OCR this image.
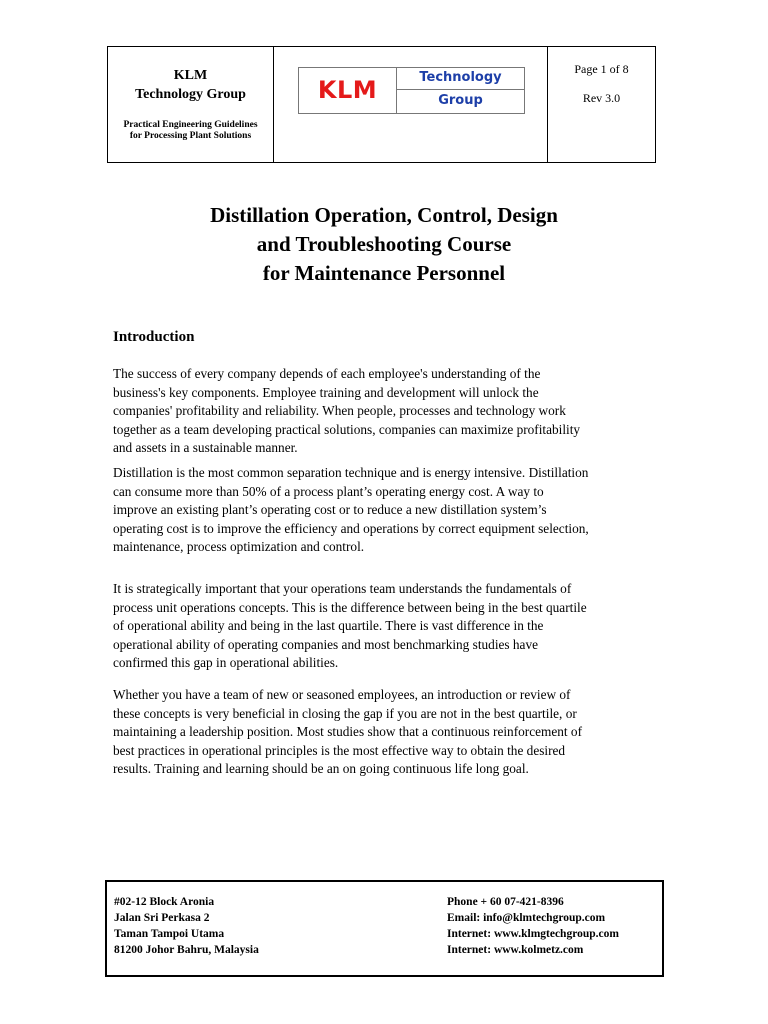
KLM
Technology Group
Practical Engineering Guidelines
for Processing Plant Solutions
KLM	Technology
Group
Page 1 of 8
Rev 3.0
Distillation Operation, Control, Design
and Troubleshooting Course
for Maintenance Personnel
Introduction
The success of every company depends of each employee's understanding of the
business's key components. Employee training and development will unlock the
companies' profitability and reliability. When people, processes and technology work
together as a team developing practical solutions, companies can maximize profitability
and assets in a sustainable manner.
Distillation is the most common separation technique and is energy intensive. Distillation
can consume more than 50% of a process plant’s operating energy cost. A way to
improve an existing plant’s operating cost or to reduce a new distillation system’s
operating cost is to improve the efficiency and operations by correct equipment selection,
maintenance, process optimization and control.
It is strategically important that your operations team understands the fundamentals of
process unit operations concepts. This is the difference between being in the best quartile
of operational ability and being in the last quartile. There is vast difference in the
operational ability of operating companies and most benchmarking studies have
confirmed this gap in operational abilities.
Whether you have a team of new or seasoned employees, an introduction or review of
these concepts is very beneficial in closing the gap if you are not in the best quartile, or
maintaining a leadership position. Most studies show that a continuous reinforcement of
best practices in operational principles is the most effective way to obtain the desired
results. Training and learning should be an on going continuous life long goal.
#02-12 Block Aronia
Jalan Sri Perkasa 2
Taman Tampoi Utama
81200 Johor Bahru, Malaysia
Phone + 60 07-421-8396
Email: info@klmtechgroup.com
Internet: www.klmgtechgroup.com
Internet: www.kolmetz.com
